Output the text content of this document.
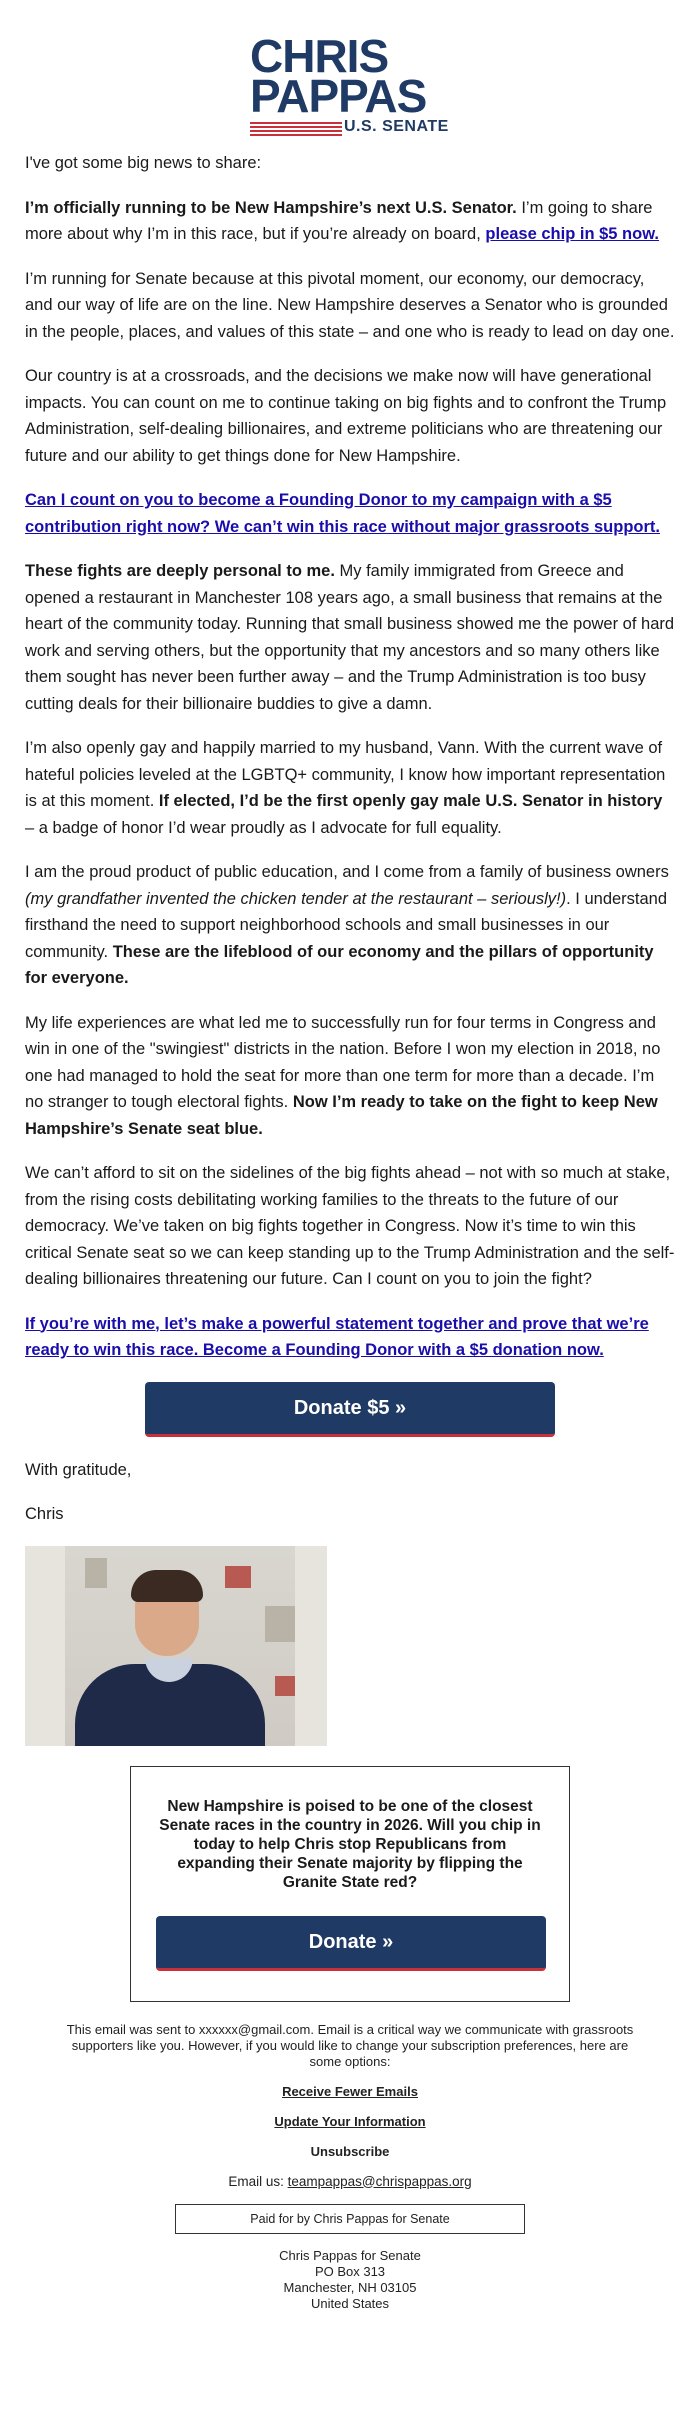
CHRIS
PAPPAS
U.S. SENATE

I've got some big news to share:

I’m officially running to be New Hampshire’s next U.S. Senator. I’m going to share more about why I’m in this race, but if you’re already on board, please chip in $5 now.

I’m running for Senate because at this pivotal moment, our economy, our democracy, and our way of life are on the line. New Hampshire deserves a Senator who is grounded in the people, places, and values of this state – and one who is ready to lead on day one.

Our country is at a crossroads, and the decisions we make now will have generational impacts. You can count on me to continue taking on big fights and to confront the Trump Administration, self-dealing billionaires, and extreme politicians who are threatening our future and our ability to get things done for New Hampshire.

Can I count on you to become a Founding Donor to my campaign with a $5 contribution right now? We can’t win this race without major grassroots support.

These fights are deeply personal to me. My family immigrated from Greece and opened a restaurant in Manchester 108 years ago, a small business that remains at the heart of the community today. Running that small business showed me the power of hard work and serving others, but the opportunity that my ancestors and so many others like them sought has never been further away – and the Trump Administration is too busy cutting deals for their billionaire buddies to give a damn.

I’m also openly gay and happily married to my husband, Vann. With the current wave of hateful policies leveled at the LGBTQ+ community, I know how important representation is at this moment. If elected, I’d be the first openly gay male U.S. Senator in history – a badge of honor I’d wear proudly as I advocate for full equality.

I am the proud product of public education, and I come from a family of business owners (my grandfather invented the chicken tender at the restaurant – seriously!). I understand firsthand the need to support neighborhood schools and small businesses in our community. These are the lifeblood of our economy and the pillars of opportunity for everyone.

My life experiences are what led me to successfully run for four terms in Congress and win in one of the "swingiest" districts in the nation. Before I won my election in 2018, no one had managed to hold the seat for more than one term for more than a decade. I’m no stranger to tough electoral fights. Now I’m ready to take on the fight to keep New Hampshire’s Senate seat blue.

We can’t afford to sit on the sidelines of the big fights ahead – not with so much at stake, from the rising costs debilitating working families to the threats to the future of our democracy. We’ve taken on big fights together in Congress. Now it’s time to win this critical Senate seat so we can keep standing up to the Trump Administration and the self-dealing billionaires threatening our future. Can I count on you to join the fight?

If you’re with me, let’s make a powerful statement together and prove that we’re ready to win this race. Become a Founding Donor with a $5 donation now.

Donate $5 »

With gratitude,

Chris

New Hampshire is poised to be one of the closest Senate races in the country in 2026. Will you chip in today to help Chris stop Republicans from expanding their Senate majority by flipping the Granite State red?
Donate »
This email was sent to xxxxxx@gmail.com. Email is a critical way we communicate with grassroots supporters like you. However, if you would like to change your subscription preferences, here are some options:
Receive Fewer Emails
Update Your Information
Unsubscribe
Email us: teampappas@chrispappas.org
Paid for by Chris Pappas for Senate
Chris Pappas for Senate
PO Box 313
Manchester, NH 03105
United States
